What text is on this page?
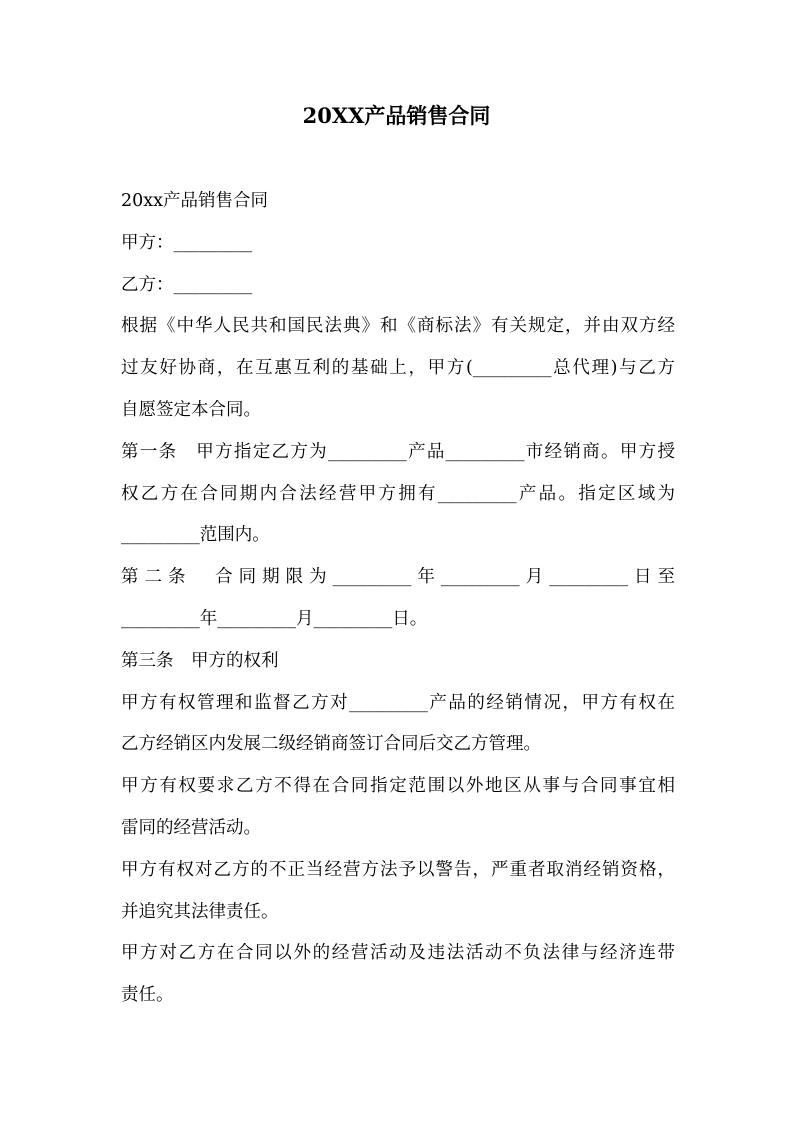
20XX产品销售合同
20xx产品销售合同
甲方：_________
乙方：_________
根据《中华人民共和国民法典》和《商标法》有关规定，并由双方经
过友好协商，在互惠互利的基础上，甲方(_________总代理)与乙方
自愿签定本合同。
第一条　甲方指定乙方为_________产品_________市经销商。甲方授
权乙方在合同期内合法经营甲方拥有_________产品。指定区域为
_________范围内。
第二条　合同期限为_________年_________月_________日至
_________年_________月_________日。
第三条　甲方的权利
甲方有权管理和监督乙方对_________产品的经销情况，甲方有权在
乙方经销区内发展二级经销商签订合同后交乙方管理。
甲方有权要求乙方不得在合同指定范围以外地区从事与合同事宜相
雷同的经营活动。
甲方有权对乙方的不正当经营方法予以警告，严重者取消经销资格，
并追究其法律责任。
甲方对乙方在合同以外的经营活动及违法活动不负法律与经济连带
责任。
